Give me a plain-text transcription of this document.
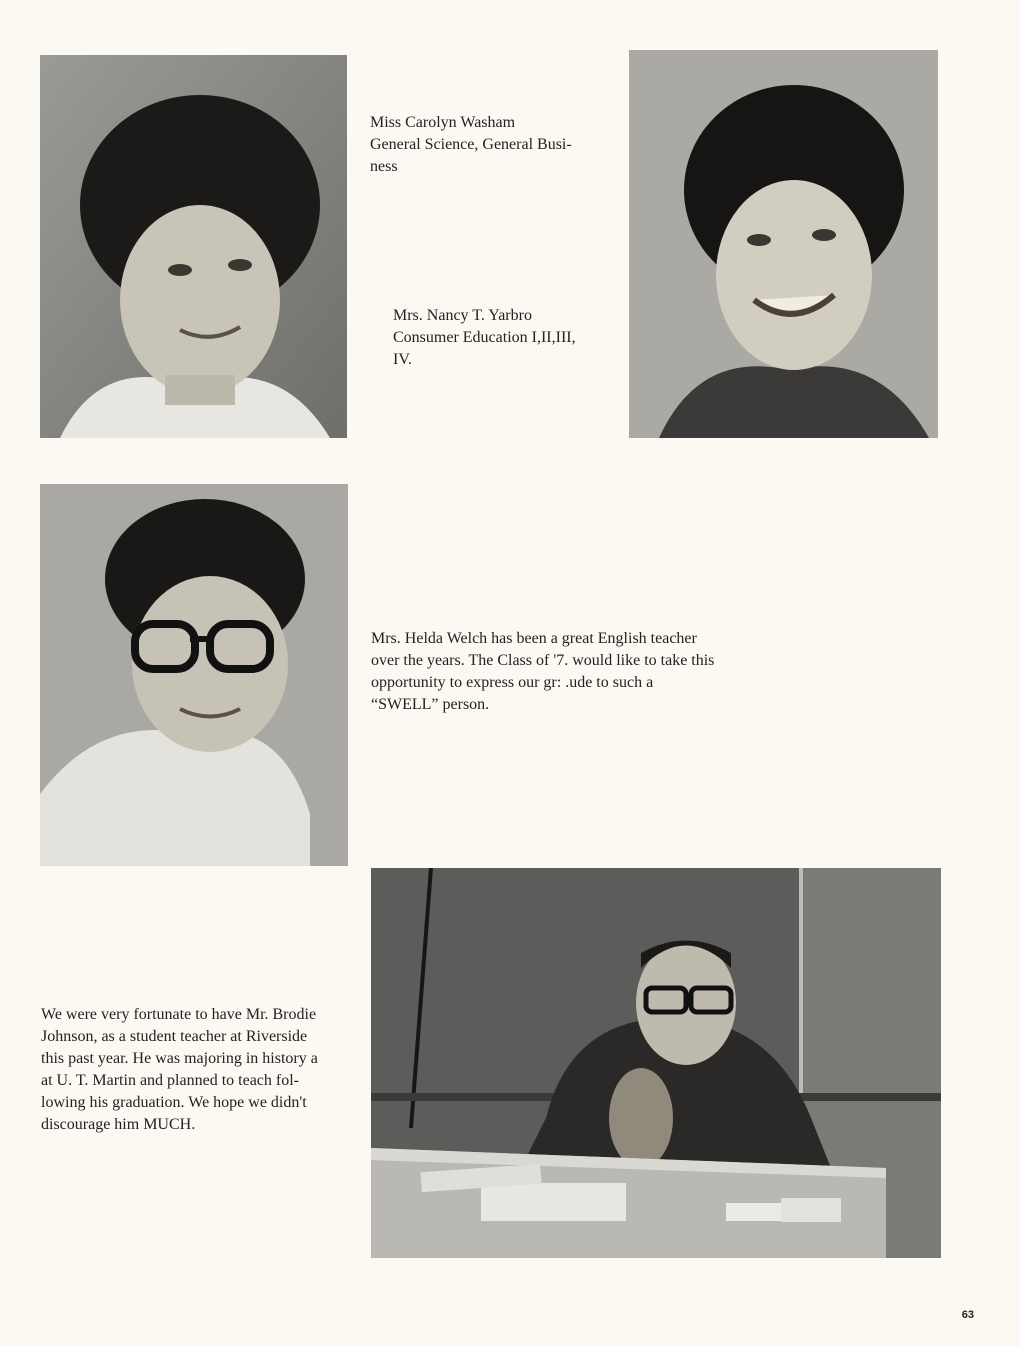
Miss Carolyn Washam
General Science, General Busi-
ness

Mrs. Nancy T. Yarbro
Consumer Education I,II,III,
IV.

Mrs. Helda Welch has been a great English teacher
over the years. The Class of '7. would like to take this
opportunity to express our gr: .ude to such a
“SWELL” person.

We were very fortunate to have Mr. Brodie
Johnson, as a student teacher at Riverside
this past year. He was majoring in history a
at U. T. Martin and planned to teach fol-
lowing his graduation. We hope we didn't
discourage him MUCH.

63
